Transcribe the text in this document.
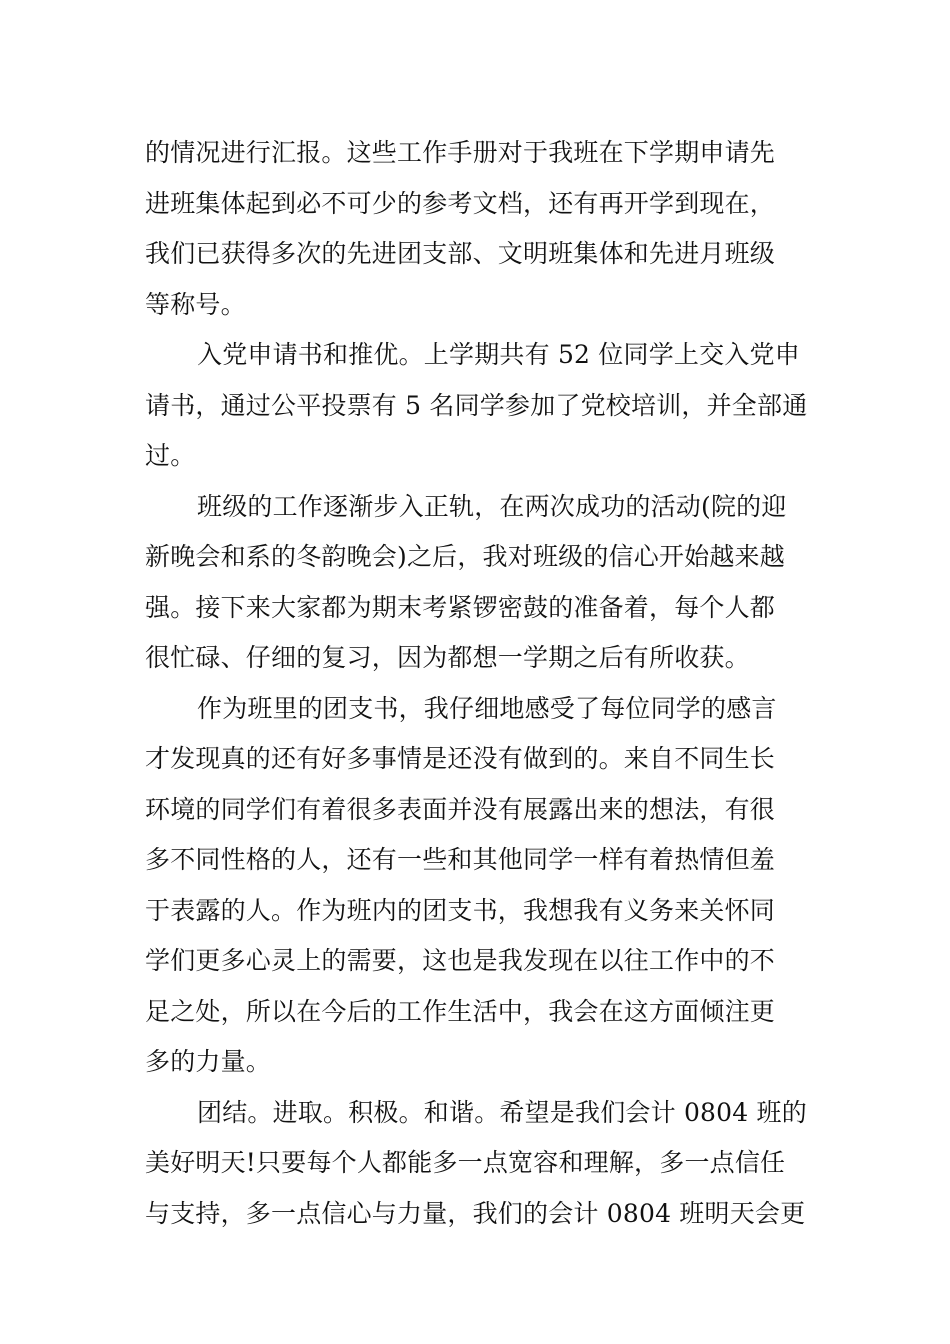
的情况进行汇报。这些工作手册对于我班在下学期申请先
进班集体起到必不可少的参考文档，还有再开学到现在，
我们已获得多次的先进团支部、文明班集体和先进月班级
等称号。
入党申请书和推优。上学期共有 52 位同学上交入党申
请书，通过公平投票有 5 名同学参加了党校培训，并全部通
过。
班级的工作逐渐步入正轨，在两次成功的活动(院的迎
新晚会和系的冬韵晚会)之后，我对班级的信心开始越来越
强。接下来大家都为期末考紧锣密鼓的准备着，每个人都
很忙碌、仔细的复习，因为都想一学期之后有所收获。
作为班里的团支书，我仔细地感受了每位同学的感言
才发现真的还有好多事情是还没有做到的。来自不同生长
环境的同学们有着很多表面并没有展露出来的想法，有很
多不同性格的人，还有一些和其他同学一样有着热情但羞
于表露的人。作为班内的团支书，我想我有义务来关怀同
学们更多心灵上的需要，这也是我发现在以往工作中的不
足之处，所以在今后的工作生活中，我会在这方面倾注更
多的力量。
团结。进取。积极。和谐。希望是我们会计 0804 班的
美好明天!只要每个人都能多一点宽容和理解，多一点信任
与支持，多一点信心与力量，我们的会计 0804 班明天会更
